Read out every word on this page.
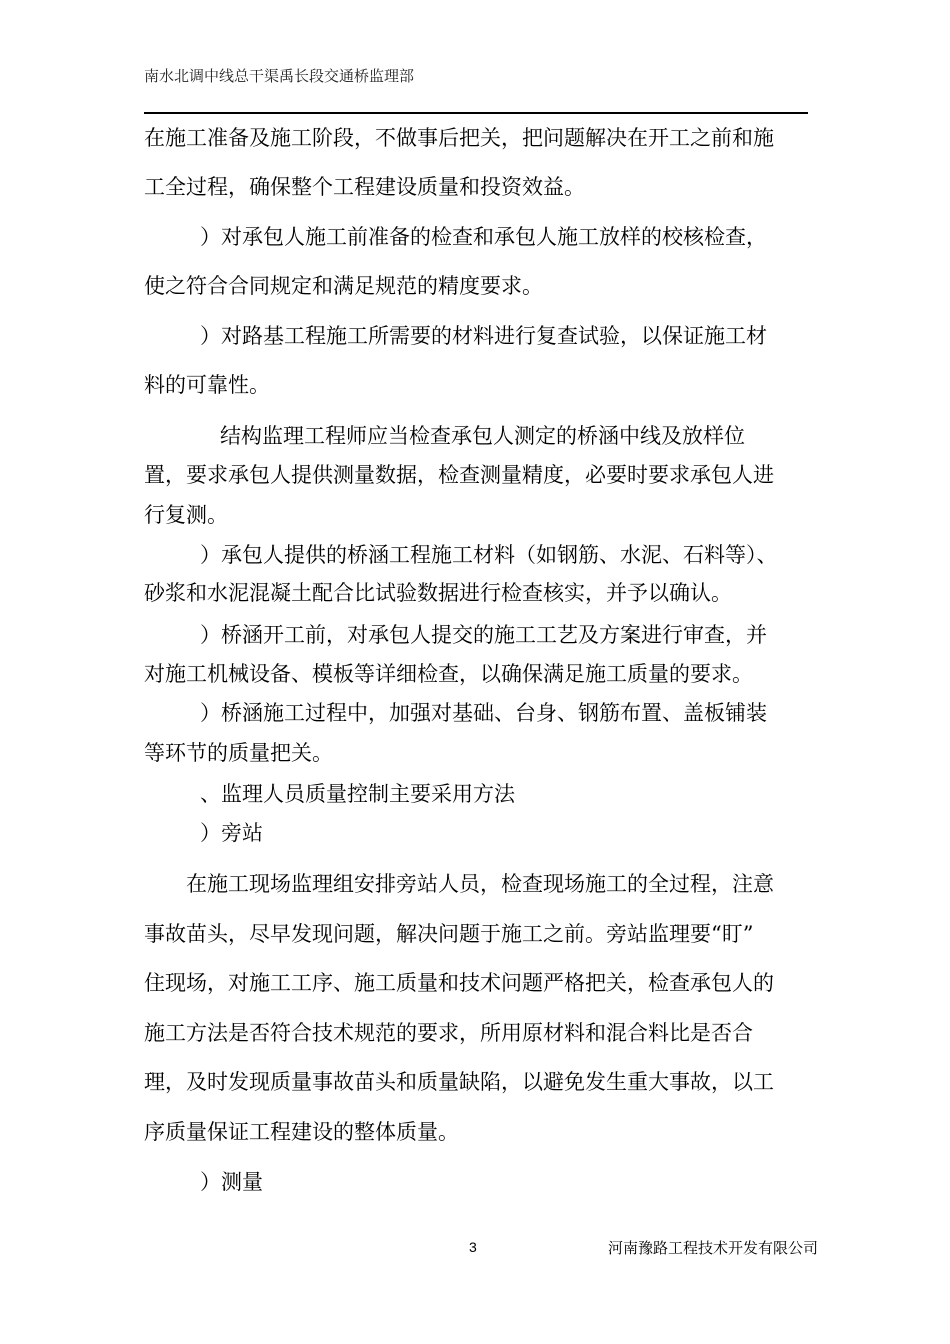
南水北调中线总干渠禹长段交通桥监理部
在施工准备及施工阶段，不做事后把关，把问题解决在开工之前和施
工全过程，确保整个工程建设质量和投资效益。
）对承包人施工前准备的检查和承包人施工放样的校核检查，
使之符合合同规定和满足规范的精度要求。
）对路基工程施工所需要的材料进行复查试验，以保证施工材
料的可靠性。
结构监理工程师应当检查承包人测定的桥涵中线及放样位
置，要求承包人提供测量数据，检查测量精度，必要时要求承包人进
行复测。
）承包人提供的桥涵工程施工材料（如钢筋、水泥、石料等）、
砂浆和水泥混凝土配合比试验数据进行检查核实，并予以确认。
）桥涵开工前，对承包人提交的施工工艺及方案进行审查，并
对施工机械设备、模板等详细检查，以确保满足施工质量的要求。
）桥涵施工过程中，加强对基础、台身、钢筋布置、盖板铺装
等环节的质量把关。
、监理人员质量控制主要采用方法
）旁站
在施工现场监理组安排旁站人员，检查现场施工的全过程，注意
事故苗头，尽早发现问题，解决问题于施工之前。旁站监理要“盯”
住现场，对施工工序、施工质量和技术问题严格把关，检查承包人的
施工方法是否符合技术规范的要求，所用原材料和混合料比是否合
理，及时发现质量事故苗头和质量缺陷，以避免发生重大事故，以工
序质量保证工程建设的整体质量。
）测量
3	河南豫路工程技术开发有限公司
